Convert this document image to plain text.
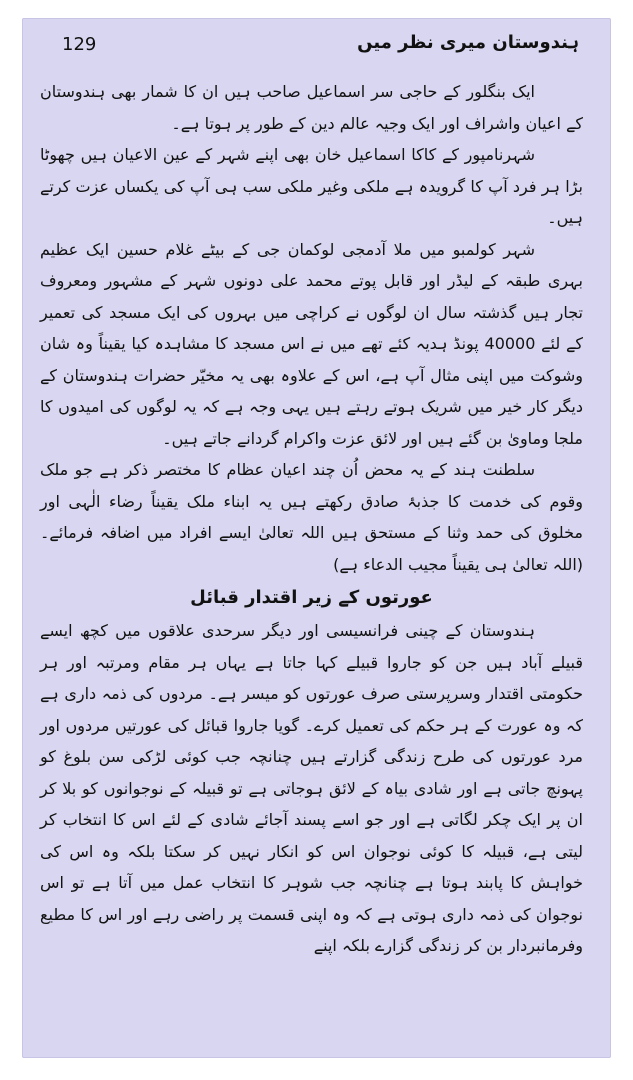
129	ہندوستان میری نظر میں

ایک بنگلور کے حاجی سر اسماعیل صاحب ہیں ان کا شمار بھی ہندوستان کے اعیان واشراف اور ایک وجیہ عالم دین کے طور پر ہوتا ہے۔

شہرنامپور کے کاکا اسماعیل خان بھی اپنے شہر کے عین الاعیان ہیں چھوٹا بڑا ہر فرد آپ کا گرویدہ ہے ملکی وغیر ملکی سب ہی آپ کی یکساں عزت کرتے ہیں۔

شہر کولمبو میں ملا آدمجی لوکمان جی کے بیٹے غلام حسین ایک عظیم بہری طبقہ کے لیڈر اور قابل پوتے محمد علی دونوں شہر کے مشہور ومعروف تجار ہیں گذشتہ سال ان لوگوں نے کراچی میں بہروں کی ایک مسجد کی تعمیر کے لئے 40000 پونڈ ہدیہ کئے تھے میں نے اس مسجد کا مشاہدہ کیا یقیناً وہ شان وشوکت میں اپنی مثال آپ ہے، اس کے علاوہ بھی یہ مخیّر حضرات ہندوستان کے دیگر کار خیر میں شریک ہوتے رہتے ہیں یہی وجہ ہے کہ یہ لوگوں کی امیدوں کا ملجا وماویٰ بن گئے ہیں اور لائق عزت واکرام گردانے جاتے ہیں۔

سلطنت ہند کے یہ محض اُن چند اعیان عظام کا مختصر ذکر ہے جو ملک وقوم کی خدمت کا جذبۂ صادق رکھتے ہیں یہ ابناء ملک یقیناً رضاء الٰہی اور مخلوق کی حمد وثنا کے مستحق ہیں اللہ تعالیٰ ایسے افراد میں اضافہ فرمائے۔ (اللہ تعالیٰ ہی یقیناً مجیب الدعاء ہے)

عورتوں کے زیر اقتدار قبائل

ہندوستان کے چینی فرانسیسی اور دیگر سرحدی علاقوں میں کچھ ایسے قبیلے آباد ہیں جن کو جاروا قبیلے کہا جاتا ہے یہاں ہر مقام ومرتبہ اور ہر حکومتی اقتدار وسرپرستی صرف عورتوں کو میسر ہے۔ مردوں کی ذمہ داری ہے کہ وہ عورت کے ہر حکم کی تعمیل کرے۔ گویا جاروا قبائل کی عورتیں مردوں اور مرد عورتوں کی طرح زندگی گزارتے ہیں چنانچہ جب کوئی لڑکی سن بلوغ کو پہونچ جاتی ہے اور شادی بیاہ کے لائق ہوجاتی ہے تو قبیلہ کے نوجوانوں کو بلا کر ان پر ایک چکر لگاتی ہے اور جو اسے پسند آجائے شادی کے لئے اس کا انتخاب کر لیتی ہے، قبیلہ کا کوئی نوجوان اس کو انکار نہیں کر سکتا بلکہ وہ اس کی خواہش کا پابند ہوتا ہے چنانچہ جب شوہر کا انتخاب عمل میں آتا ہے تو اس نوجوان کی ذمہ داری ہوتی ہے کہ وہ اپنی قسمت پر راضی رہے اور اس کا مطیع وفرمانبردار بن کر زندگی گزارے بلکہ اپنے
